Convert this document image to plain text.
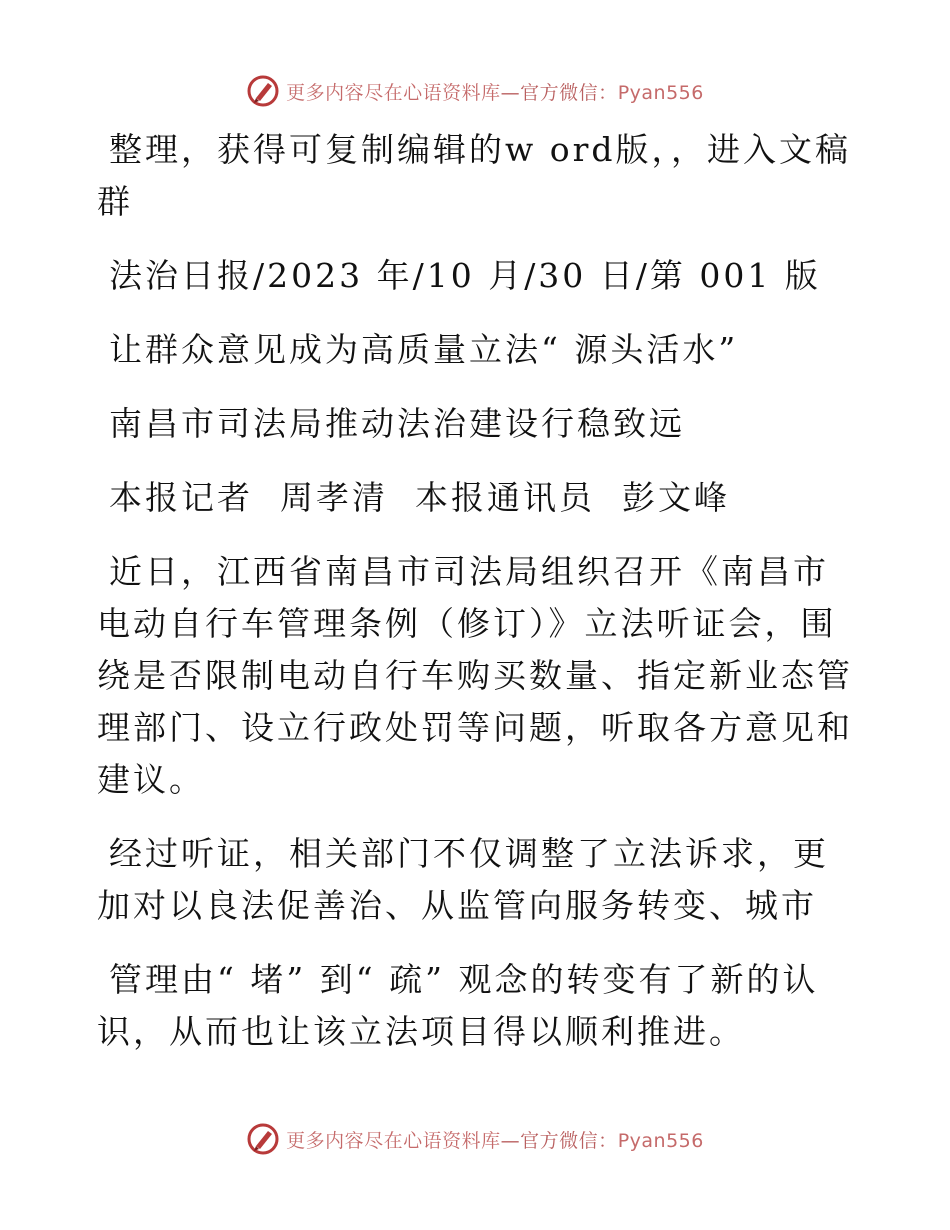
更多内容尽在心语资料库—官方微信：Pyan556

整理，获得可复制编辑的w ord版，，进入文稿群

法治日报/2023 年/10 月/30 日/第 001 版

让群众意见成为高质量立法“ 源头活水”

南昌市司法局推动法治建设行稳致远

本报记者  周孝清  本报通讯员  彭文峰

近日，江西省南昌市司法局组织召开《南昌市电动自行车管理条例（修订）》立法听证会，围绕是否限制电动自行车购买数量、指定新业态管理部门、设立行政处罚等问题，听取各方意见和建议。

经过听证，相关部门不仅调整了立法诉求，更加对以良法促善治、从监管向服务转变、城市

管理由“ 堵” 到“ 疏” 观念的转变有了新的认识，从而也让该立法项目得以顺利推进。

更多内容尽在心语资料库—官方微信：Pyan556
